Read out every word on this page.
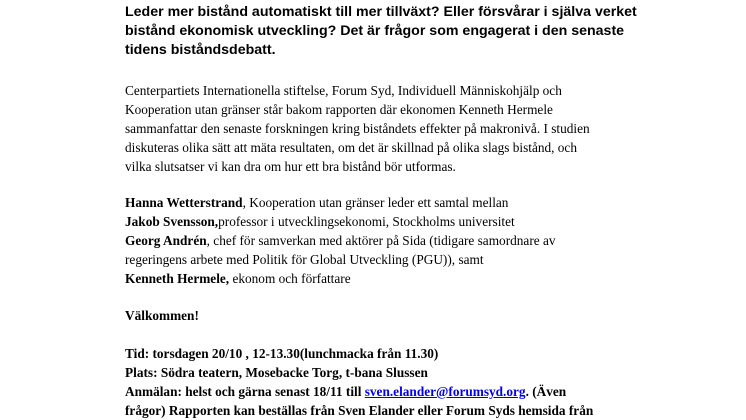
Leder mer bistånd automatiskt till mer tillväxt? Eller försvårar i själva verket
bistånd ekonomisk utveckling? Det är frågor som engagerat i den senaste
tidens biståndsdebatt.
Centerpartiets Internationella stiftelse, Forum Syd, Individuell Människohjälp och
Kooperation utan gränser står bakom rapporten där ekonomen Kenneth Hermele
sammanfattar den senaste forskningen kring biståndets effekter på makronivå. I studien
diskuteras olika sätt att mäta resultaten, om det är skillnad på olika slags bistånd, och
vilka slutsatser vi kan dra om hur ett bra bistånd bör utformas.
Hanna Wetterstrand, Kooperation utan gränser leder ett samtal mellan
Jakob Svensson,professor i utvecklingsekonomi, Stockholms universitet
Georg Andrén, chef för samverkan med aktörer på Sida (tidigare samordnare av
regeringens arbete med Politik för Global Utveckling (PGU)), samt
Kenneth Hermele, ekonom och författare
Välkommen!
Tid: torsdagen 20/10 , 12-13.30(lunchmacka från 11.30)
Plats: Södra teatern, Mosebacke Torg, t-bana Slussen
Anmälan: helst och gärna senast 18/11 till sven.elander@forumsyd.org. (Även
frågor) Rapporten kan beställas från Sven Elander eller Forum Syds hemsida från
